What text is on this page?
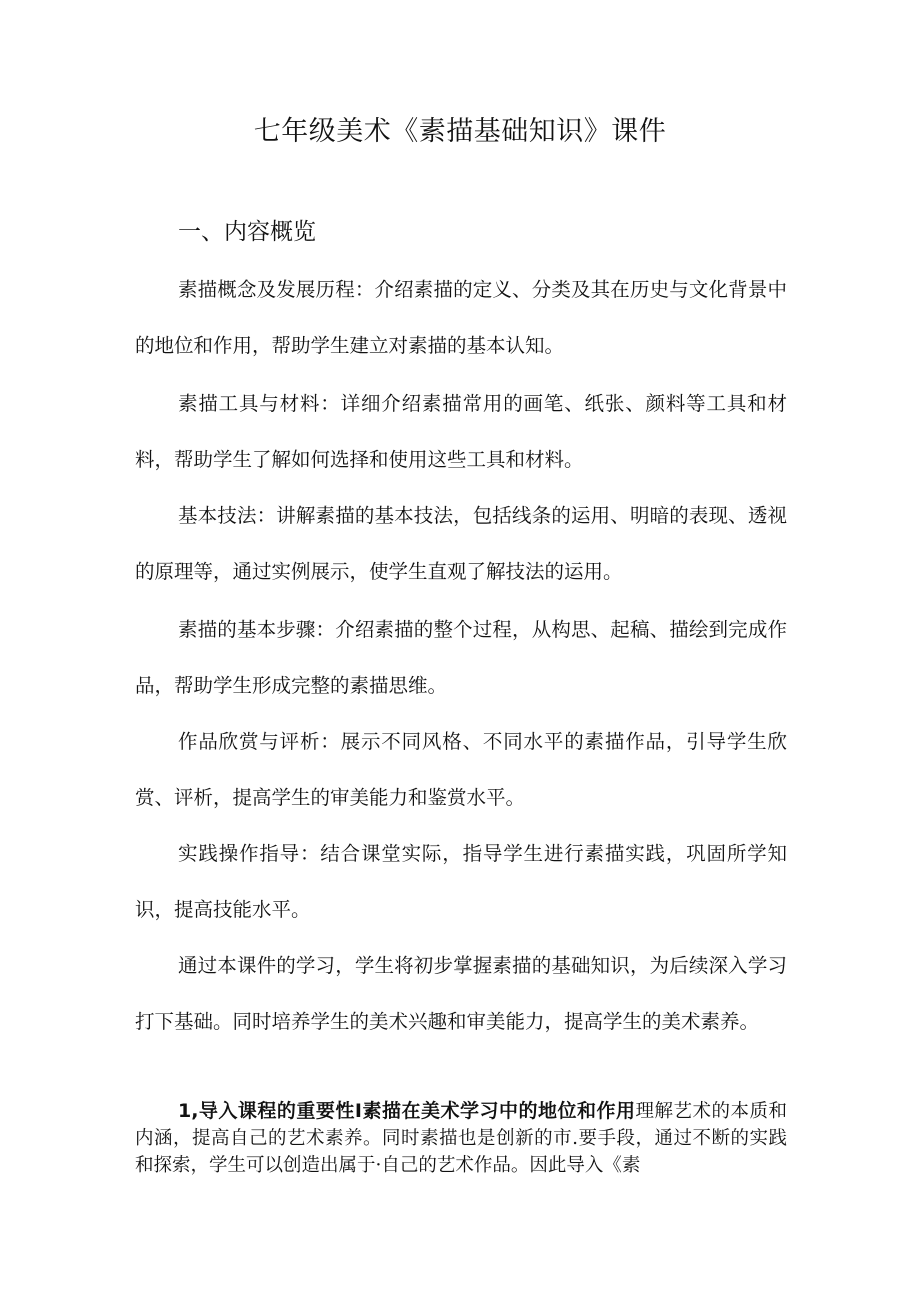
七年级美术《素描基础知识》课件
一、内容概览

素描概念及发展历程：介绍素描的定义、分类及其在历史与文化背景中的地位和作用，帮助学生建立对素描的基本认知。

素描工具与材料：详细介绍素描常用的画笔、纸张、颜料等工具和材料，帮助学生了解如何选择和使用这些工具和材料。

基本技法：讲解素描的基本技法，包括线条的运用、明暗的表现、透视的原理等，通过实例展示，使学生直观了解技法的运用。

素描的基本步骤：介绍素描的整个过程，从构思、起稿、描绘到完成作品，帮助学生形成完整的素描思维。

作品欣赏与评析：展示不同风格、不同水平的素描作品，引导学生欣赏、评析，提高学生的审美能力和鉴赏水平。

实践操作指导：结合课堂实际，指导学生进行素描实践，巩固所学知识，提高技能水平。

通过本课件的学习，学生将初步掌握素描的基础知识，为后续深入学习打下基础。同时培养学生的美术兴趣和审美能力，提高学生的美术素养。

1,导入课程的重要性I素描在美术学习中的地位和作用理解艺术的本质和内涵，提高自己的艺术素养。同时素描也是创新的市.要手段，通过不断的实践和探索，学生可以创造出属于·自己的艺术作品。因此导入《素
